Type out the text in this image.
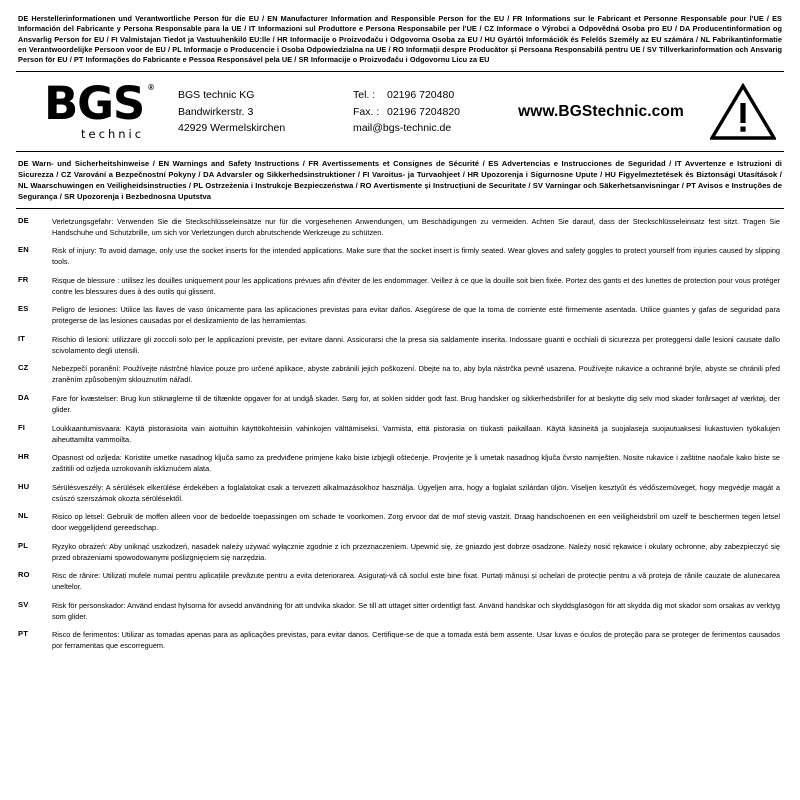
DE Herstellerinformationen und Verantwortliche Person für die EU / EN Manufacturer Information and Responsible Person for the EU / FR Informations sur le Fabricant et Personne Responsable pour l'UE / ES Información del Fabricante y Persona Responsable para la UE / IT Informazioni sul Produttore e Persona Responsabile per l'UE / CZ Informace o Výrobci a Odpovědná Osoba pro EU / DA Producentinformation og Ansvarlig Person for EU / FI Valmistajan Tiedot ja Vastuuhenkilö EU:lle / HR Informacije o Proizvođaču i Odgovorna Osoba za EU / HU Gyártói Információk és Felelős Személy az EU számára / NL Fabrikantinformatie en Verantwoordelijke Persoon voor de EU / PL Informacje o Producencie i Osoba Odpowiedzialna na UE / RO Informații despre Producător și Persoana Responsabilă pentru UE / SV Tillverkarinformation och Ansvarig Person för EU / PT Informações do Fabricante e Pessoa Responsável pela UE / SR Informacije o Proizvođaču i Odgovornu Licu za EU
BGS ®
technic
BGS technic KG
Bandwirkerstr. 3
42929 Wermelskirchen
Tel. :	02196 720480
Fax. : 02196 7204820
mail@ bgs-technic.de
www.BGStechnic.com
DE Warn- und Sicherheitshinweise / EN Warnings and Safety Instructions / FR Avertissements et Consignes de Sécurité / ES Advertencias e Instrucciones de Seguridad / IT Avvertenze e Istruzioni di Sicurezza / CZ Varování a Bezpečnostní Pokyny / DA Advarsler og Sikkerhedsinstruktioner / FI Varoitus- ja Turvaohjeet / HR Upozorenja i Sigurnosne Upute / HU Figyelmeztetések és Biztonsági Utasítások / NL Waarschuwingen en Veiligheidsinstructies / PL Ostrzeżenia i Instrukcje Bezpieczeństwa / RO Avertismente și Instrucțiuni de Securitate / SV Varningar och Säkerhetsanvisningar / PT Avisos e Instruções de Segurança / SR Upozorenja i Bezbednosna Uputstva
DE	Verletzungsgefahr: Verwenden Sie die Steckschlüsseleinsätze nur für die vorgesehenen Anwendungen, um Beschädigungen zu vermeiden. Achten Sie darauf, dass der Steckschlüsseleinsatz fest sitzt. Tragen Sie Handschuhe und Schutzbrille, um sich vor Verletzungen durch abrutschende Werkzeuge zu schützen.
EN	Risk of injury: To avoid damage, only use the socket inserts for the intended applications. Make sure that the socket insert is firmly seated. Wear gloves and safety goggles to protect yourself from injuries caused by slipping tools.
FR	Risque de blessure : utilisez les douilles uniquement pour les applications prévues afin d'éviter de les endommager. Veillez à ce que la douille soit bien fixée. Portez des gants et des lunettes de protection pour vous protéger contre les blessures dues à des outils qui glissent.
ES	Peligro de lesiones: Utilice las llaves de vaso únicamente para las aplicaciones previstas para evitar daños. Asegúrese de que la toma de corriente esté firmemente asentada. Utilice guantes y gafas de seguridad para protegerse de las lesiones causadas por el deslizamiento de las herramientas.
IT	Rischio di lesioni: utilizzare gli zoccoli solo per le applicazioni previste, per evitare danni. Assicurarsi che la presa sia saldamente inserita. Indossare guanti e occhiali di sicurezza per proteggersi dalle lesioni causate dallo scivolamento degli utensili.
CZ	Nebezpečí poranění: Používejte nástrčné hlavice pouze pro určené aplikace, abyste zabránili jejich poškození. Dbejte na to, aby byla nástrčka pevně usazena. Používejte rukavice a ochranné brýle, abyste se chránili před zraněním způsobeným sklouznutím nářadí.
DA	Fare for kvæstelser: Brug kun stiknøglerne til de tiltænkte opgaver for at undgå skader. Sørg for, at soklen sidder godt fast. Brug handsker og sikkerhedsbriller for at beskytte dig selv mod skader forårsaget af værktøj, der glider.
FI	Loukkaantumisvaara: Käytä pistorasioita vain aiottuihin käyttökohteisiin vahinkojen välttämiseksi. Varmista, että pistorasia on tiukasti paikallaan. Käytä käsineitä ja suojalaseja suojautuaksesi liukastuvien työkalujen aiheuttamilta vammoilta.
HR	Opasnost od ozljeda: Koristite umetke nasadnog ključa samo za predviđene primjene kako biste izbjegli oštećenje. Provjerite je li umetak nasadnog ključa čvrsto namješten. Nosite rukavice i zaštitne naočale kako biste se zaštitili od ozljeda uzrokovanih iskliznućem alata.
HU	Sérülésveszély: A sérülések elkerülése érdekében a foglalatokat csak a tervezett alkalmazásokhoz használja. Ügyeljen arra, hogy a foglalat szilárdan üljön. Viseljen kesztyűt és védőszemüveget, hogy megvédje magát a csúszó szerszámok okozta sérülésektől.
NL	Risico op letsel: Gebruik de moffen alleen voor de bedoelde toepassingen om schade te voorkomen. Zorg ervoor dat de mof stevig vastzit. Draag handschoenen en een veiligheidsbril om uzelf te beschermen tegen letsel door weggelijdend gereedschap.
PL	Ryzyko obrażeń: Aby uniknąć uszkodzeń, nasadek należy używać wyłącznie zgodnie z ich przeznaczeniem. Upewnić się, że gniazdo jest dobrze osadzone. Należy nosić rękawice i okulary ochronne, aby zabezpieczyć się przed obrażeniami spowodowanymi poślizgnięciem się narzędzia.
RO	Risc de rănire: Utilizați mufele numai pentru aplicațiile prevăzute pentru a evita deteriorarea. Asigurați-vă că soclul este bine fixat. Purtați mănuși și ochelari de protecție pentru a vă proteja de rănile cauzate de alunecarea uneltelor.
SV	Risk för personskador: Använd endast hylsorna för avsedd användning för att undvika skador. Se till att uttaget sitter ordentligt fast. Använd handskar och skyddsglasögon för att skydda dig mot skador som orsakas av verktyg som glider.
PT	Risco de ferimentos: Utilizar as tomadas apenas para as aplicações previstas, para evitar danos. Certifique-se de que a tomada está bem assente. Usar luvas e óculos de proteção para se proteger de ferimentos causados por ferramentas que escorreguem.
